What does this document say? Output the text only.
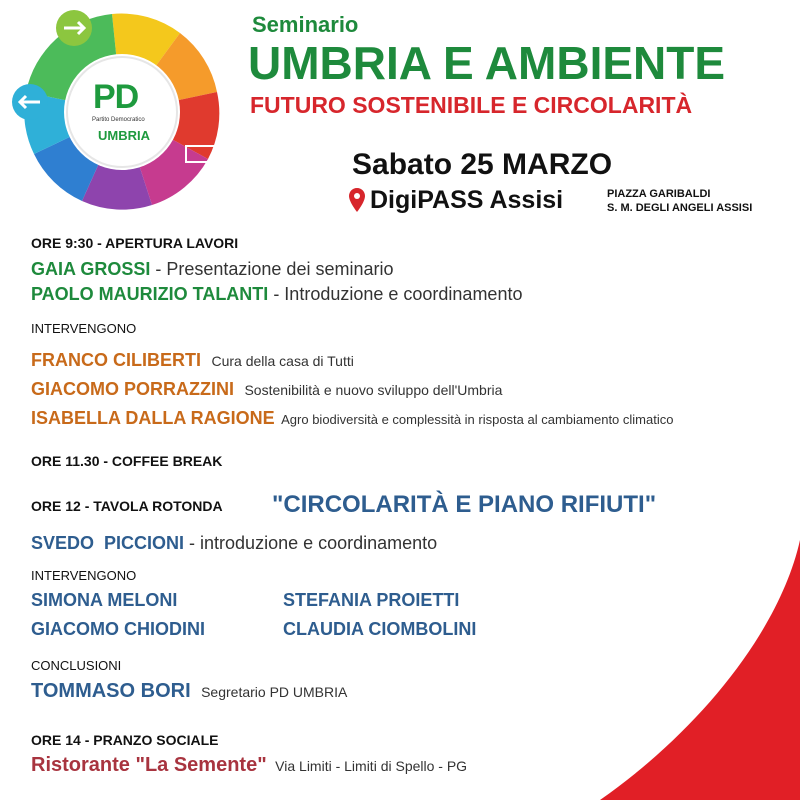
PD
Partito Democratico
UMBRIA
Seminario
UMBRIA E AMBIENTE
FUTURO SOSTENIBILE E CIRCOLARITÀ
Sabato 25 MARZO
DigiPASS Assisi	PIAZZA GARIBALDI
S. M. DEGLI ANGELI ASSISI
ORE 9:30 - APERTURA LAVORI
GAIA GROSSI - Presentazione dei seminario
PAOLO MAURIZIO TALANTI - Introduzione e coordinamento
INTERVENGONO
FRANCO CILIBERTI Cura della casa di Tutti
GIACOMO PORRAZZINI Sostenibilità e nuovo sviluppo dell'Umbria
ISABELLA DALLA RAGIONE Agro biodiversità e complessità in risposta al cambiamento climatico
ORE 11.30 - COFFEE BREAK
ORE 12 - TAVOLA ROTONDA "CIRCOLARITÀ E PIANO RIFIUTI"
SVEDO  PICCIONI - introduzione e coordinamento
INTERVENGONO
SIMONA MELONI
GIACOMO CHIODINI
STEFANIA PROIETTI
CLAUDIA CIOMBOLINI
CONCLUSIONI
TOMMASO BORI Segretario PD UMBRIA
ORE 14 - PRANZO SOCIALE
Ristorante "La Semente" Via Limiti - Limiti di Spello - PG
